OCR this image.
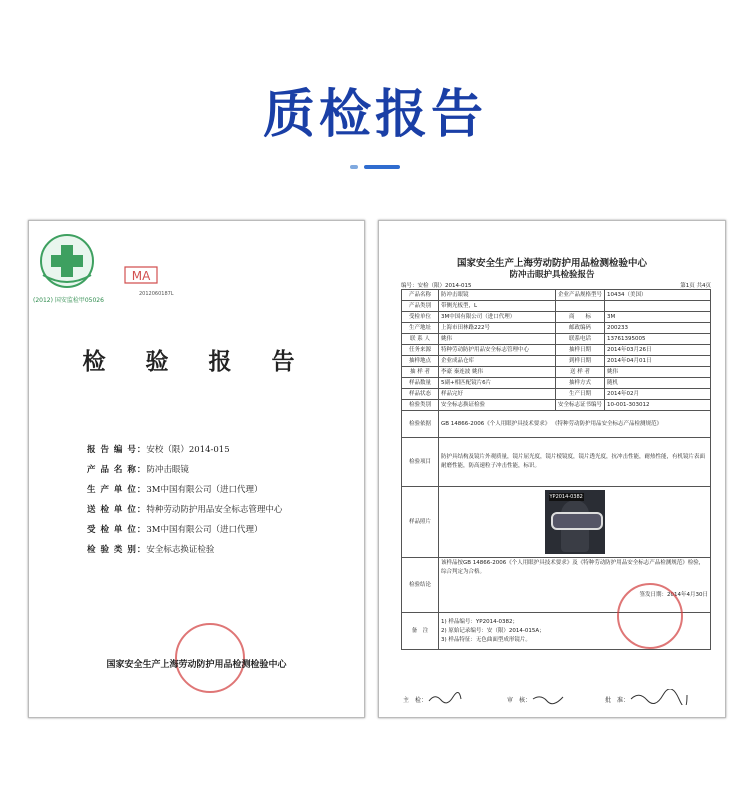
质检报告
(2012) 国安监检甲05026
MA
2012060187L
检 验 报 告
报 告 编 号：安校（限）2014-015
产 品 名 称：防冲击眼镜
生 产 单 位：3M中国有限公司（进口代理）
送 检 单 位：特种劳动防护用品安全标志管理中心
受 检 单 位：3M中国有限公司（进口代理）
检 验 类 别：安全标志换证检验
国家安全生产上海劳动防护用品检测检验中心
国家安全生产上海劳动防护用品检测检验中心
防冲击眼护具检验报告
编号：安检（限）2014-015	第1页 共4页
产品名称	防冲击眼镜	企业产品规格型号	10434（美国）
产品类别	带侧光板型，L		
受检单位	3M中国有限公司（进口代理）	商　　标	3M
生产地址	上海市田林路222号	邮政编码	200233
联 系 人	姚伟	联系电话	13761395005
任务来源	特种劳动防护用品安全标志管理中心	抽样日期	2014年03月26日
抽样地点	企业成品仓库	到样日期	2014年04月01日
抽 样 者	李豪 秦连波 姚伟	送 样 者	姚伟
样品数量	5副+相匹配镜片6片	抽样方式	随机
样品状态	样品完好	生产日期	2014年02月
检验类别	安全标志换证检验	安全标志证书编号	10-001-303012
检验依据	GB 14866-2006《个人用眼护具技术要求》 《特种劳动防护用品安全标志产品检测规范》		
检验项目	防护具结构及镜片外观质量，镜片屈光度，镜片棱镜度，镜片透光度，抗冲击性能，耐热性能，有机镜片表面耐磨性能，防高速粒子冲击性能，标识。		
样品照片	YP2014-0382		

检验结论	该样品按GB 14866-2006《个人用眼护具技术要求》及《特种劳动防护用品安全标志产品检测规范》检验，综合判定为合格。
签发日期：2014年4月30日		

备　注	1) 样品编号：YP2014-0382；
2) 原始记录编号：安（限）2014-015A；
3) 样品特征：无色曲面型成形镜片。		
主　检：	审　核：	批　准：
